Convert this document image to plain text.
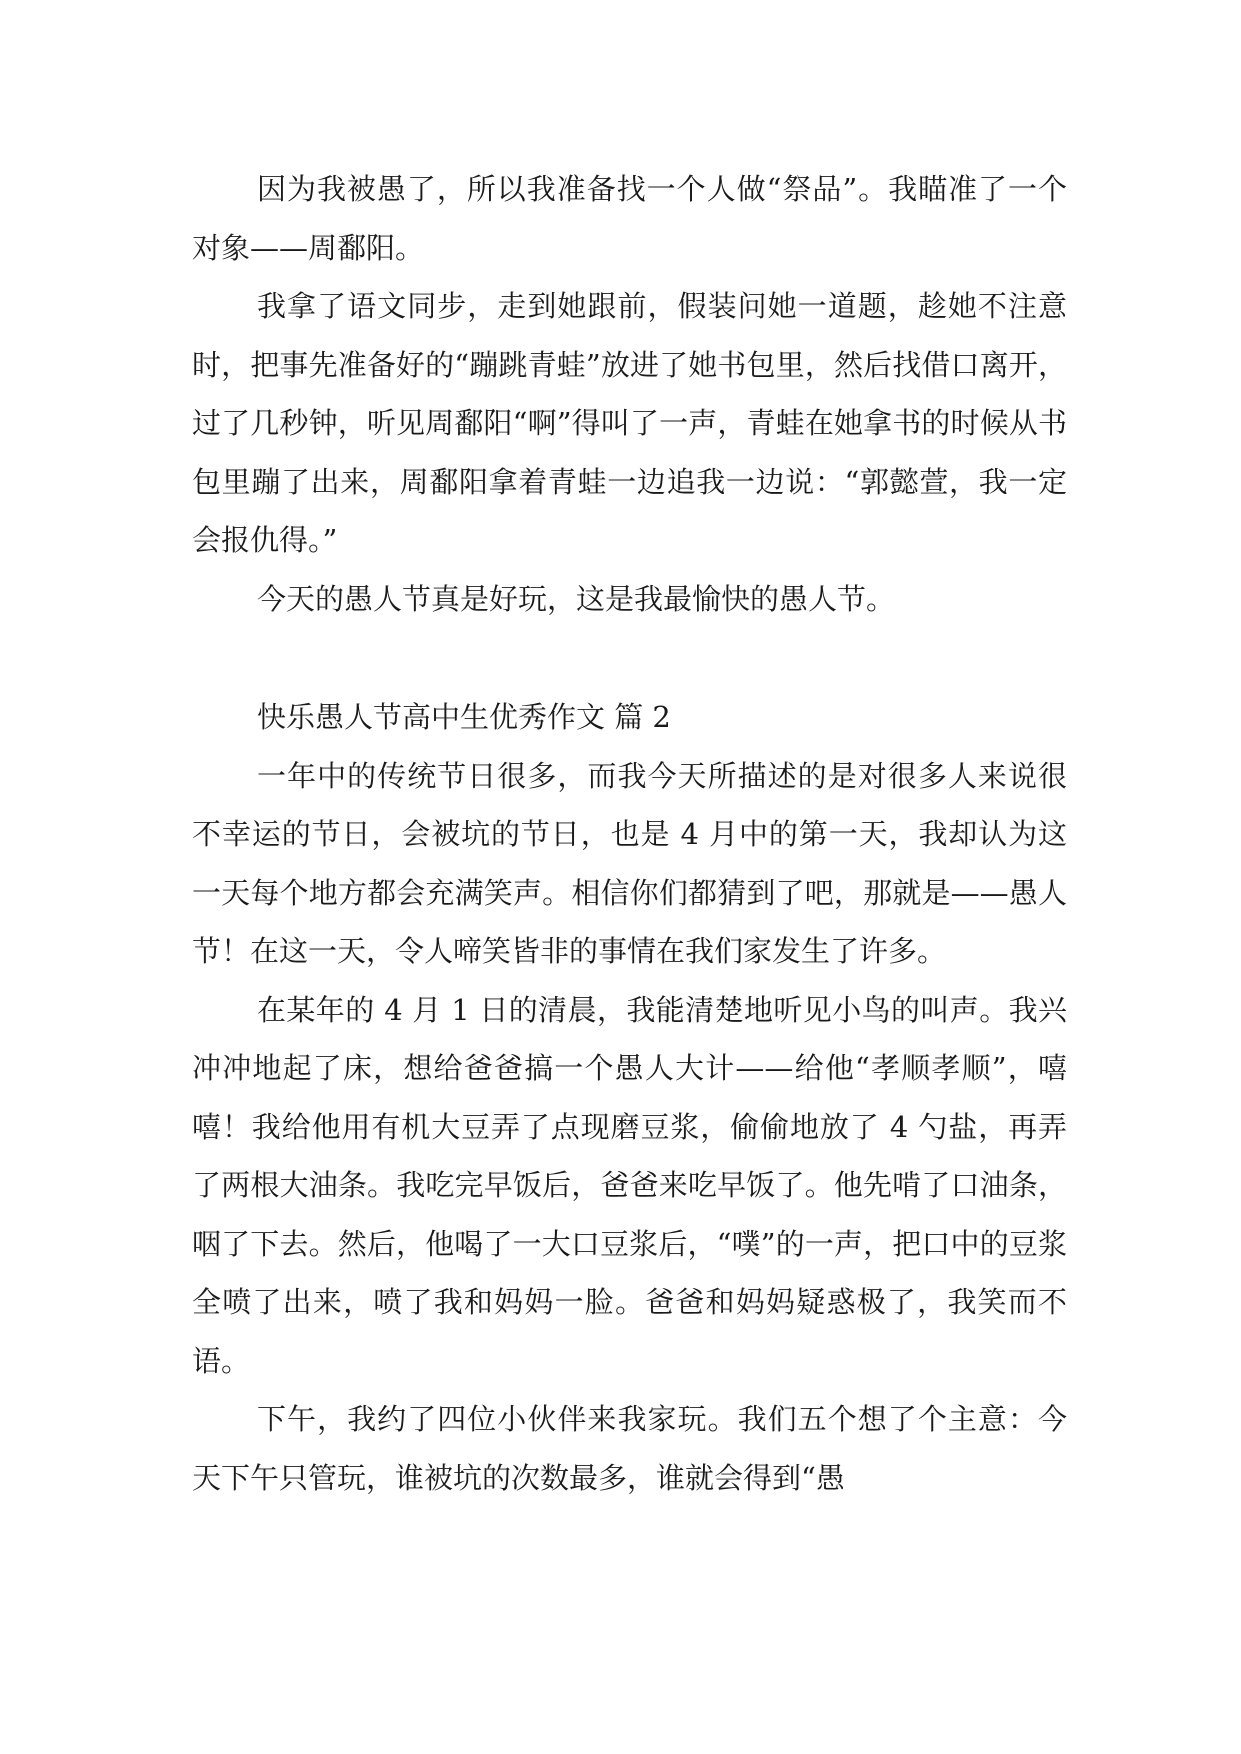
因为我被愚了，所以我准备找一个人做“祭品”。我瞄准了一个对象——周鄱阳。

我拿了语文同步，走到她跟前，假装问她一道题，趁她不注意时，把事先准备好的“蹦跳青蛙”放进了她书包里，然后找借口离开，过了几秒钟，听见周鄱阳“啊”得叫了一声，青蛙在她拿书的时候从书包里蹦了出来，周鄱阳拿着青蛙一边追我一边说：“郭懿萱，我一定会报仇得。”

今天的愚人节真是好玩，这是我最愉快的愚人节。

快乐愚人节高中生优秀作文 篇 2

一年中的传统节日很多，而我今天所描述的是对很多人来说很不幸运的节日，会被坑的节日，也是 4 月中的第一天，我却认为这一天每个地方都会充满笑声。相信你们都猜到了吧，那就是——愚人节！在这一天，令人啼笑皆非的事情在我们家发生了许多。

在某年的 4 月 1 日的清晨，我能清楚地听见小鸟的叫声。我兴冲冲地起了床，想给爸爸搞一个愚人大计——给他“孝顺孝顺”，嘻嘻！我给他用有机大豆弄了点现磨豆浆，偷偷地放了 4 勺盐，再弄了两根大油条。我吃完早饭后，爸爸来吃早饭了。他先啃了口油条，咽了下去。然后，他喝了一大口豆浆后，“噗”的一声，把口中的豆浆全喷了出来，喷了我和妈妈一脸。爸爸和妈妈疑惑极了，我笑而不语。

下午，我约了四位小伙伴来我家玩。我们五个想了个主意：今天下午只管玩，谁被坑的次数最多，谁就会得到“愚
